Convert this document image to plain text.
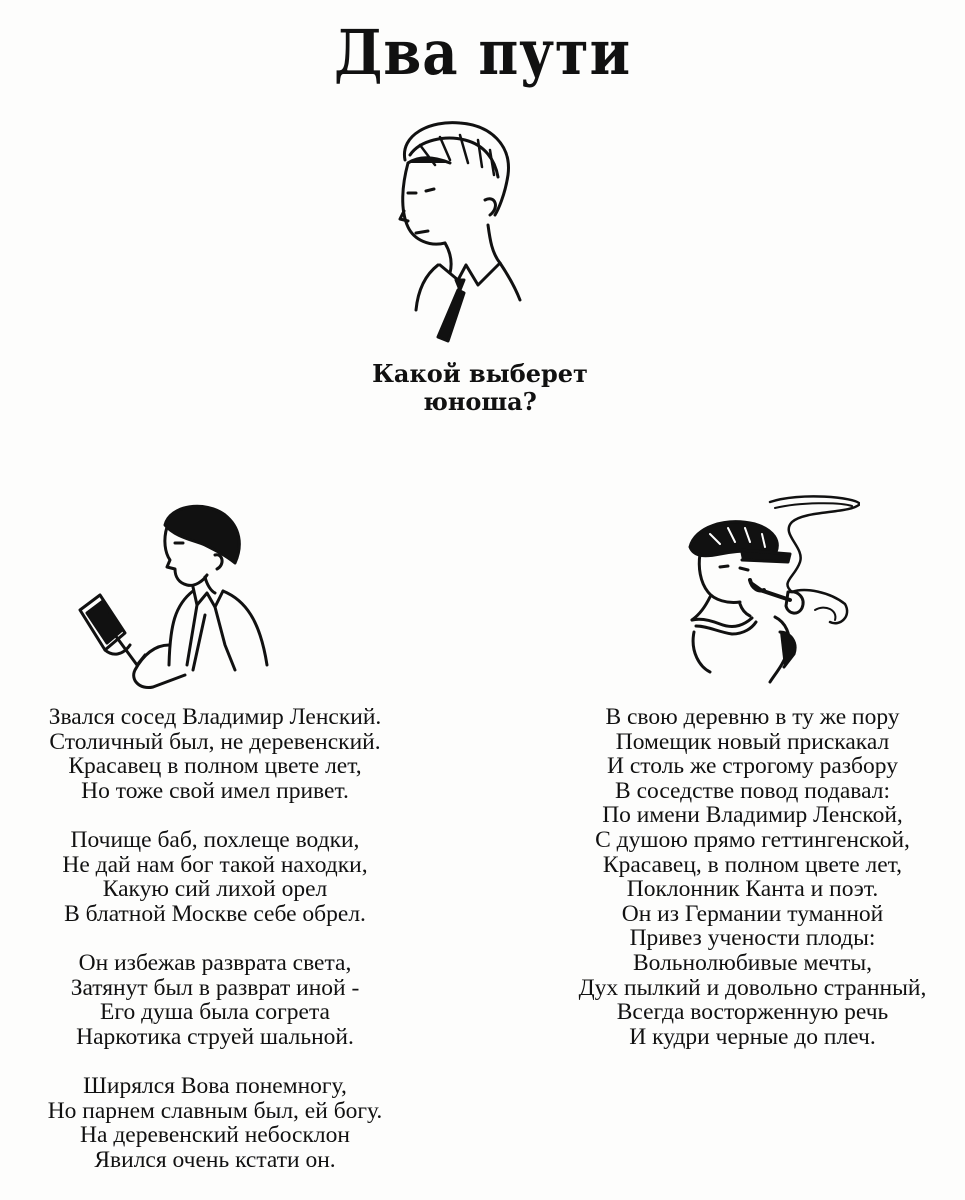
Два пути
Какой выберет
юноша?
Звался сосед Владимир Ленский.
Столичный был, не деревенский.
Красавец в полном цвете лет,
Но тоже свой имел привет.
Почище баб, похлеще водки,
Не дай нам бог такой находки,
Какую сий лихой орел
В блатной Москве себе обрел.
Он избежав разврата света,
Затянут был в разврат иной -
Его душа была согрета
Наркотика струей шальной.
Ширялся Вова понемногу,
Но парнем славным был, ей богу.
На деревенский небосклон
Явился очень кстати он.
В свою деревню в ту же пору
Помещик новый прискакал
И столь же строгому разбору
В соседстве повод подавал:
По имени Владимир Ленской,
С душою прямо геттингенской,
Красавец, в полном цвете лет,
Поклонник Канта и поэт.
Он из Германии туманной
Привез учености плоды:
Вольнолюбивые мечты,
Дух пылкий и довольно странный,
Всегда восторженную речь
И кудри черные до плеч.
